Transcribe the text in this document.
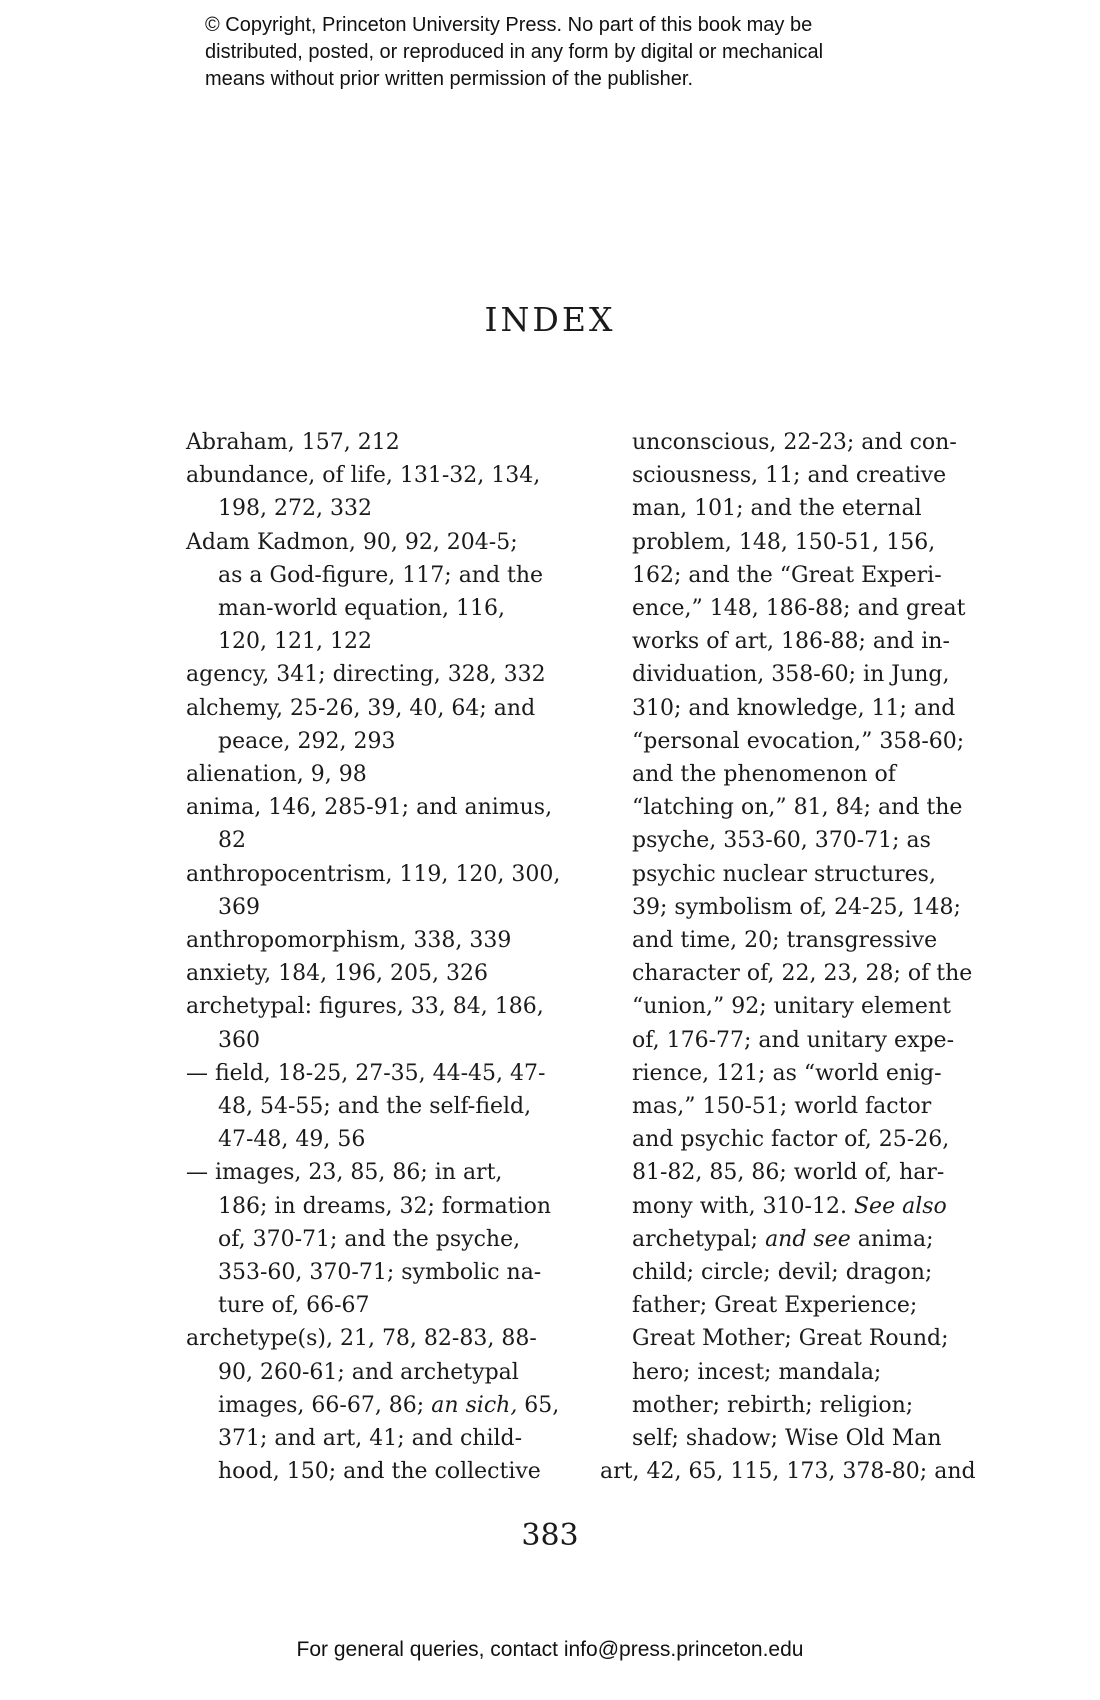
© Copyright, Princeton University Press. No part of this book may be
distributed, posted, or reproduced in any form by digital or mechanical
means without prior written permission of the publisher.
INDEX
Abraham, 157, 212
abundance, of life, 131-32, 134,
198, 272, 332
Adam Kadmon, 90, 92, 204-5;
as a God-figure, 117; and the
man-world equation, 116,
120, 121, 122
agency, 341; directing, 328, 332
alchemy, 25-26, 39, 40, 64; and
peace, 292, 293
alienation, 9, 98
anima, 146, 285-91; and animus,
82
anthropocentrism, 119, 120, 300,
369
anthropomorphism, 338, 339
anxiety, 184, 196, 205, 326
archetypal: figures, 33, 84, 186,
360
— field, 18-25, 27-35, 44-45, 47-
48, 54-55; and the self-field,
47-48, 49, 56
— images, 23, 85, 86; in art,
186; in dreams, 32; formation
of, 370-71; and the psyche,
353-60, 370-71; symbolic na-
ture of, 66-67
archetype(s), 21, 78, 82-83, 88-
90, 260-61; and archetypal
images, 66-67, 86; an sich, 65,
371; and art, 41; and child-
hood, 150; and the collective
unconscious, 22-23; and con-
sciousness, 11; and creative
man, 101; and the eternal
problem, 148, 150-51, 156,
162; and the “Great Experi-
ence,” 148, 186-88; and great
works of art, 186-88; and in-
dividuation, 358-60; in Jung,
310; and knowledge, 11; and
“personal evocation,” 358-60;
and the phenomenon of
“latching on,” 81, 84; and the
psyche, 353-60, 370-71; as
psychic nuclear structures,
39; symbolism of, 24-25, 148;
and time, 20; transgressive
character of, 22, 23, 28; of the
“union,” 92; unitary element
of, 176-77; and unitary expe-
rience, 121; as “world enig-
mas,” 150-51; world factor
and psychic factor of, 25-26,
81-82, 85, 86; world of, har-
mony with, 310-12. See also
archetypal; and see anima;
child; circle; devil; dragon;
father; Great Experience;
Great Mother; Great Round;
hero; incest; mandala;
mother; rebirth; religion;
self; shadow; Wise Old Man
art, 42, 65, 115, 173, 378-80; and
383
For general queries, contact info@press.princeton.edu
